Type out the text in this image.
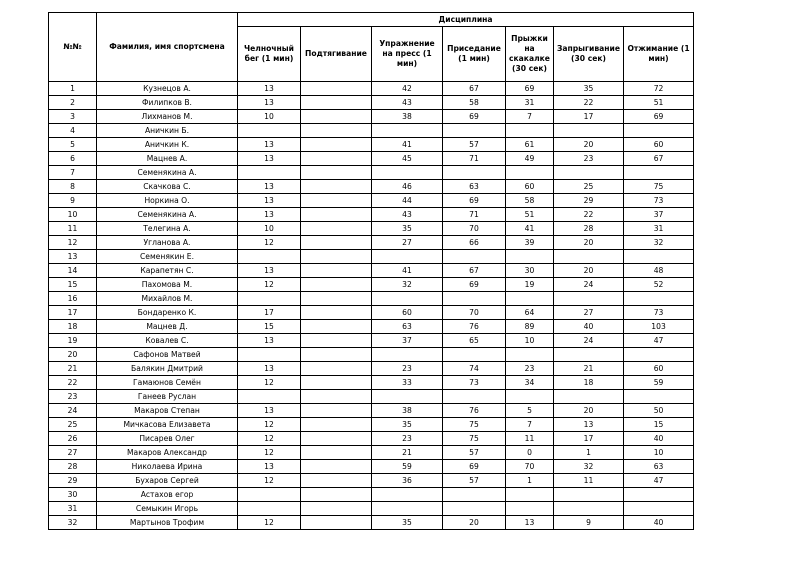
№№	Фамилия, имя спортсмена	Дисциплина						
		Челночный бег (1 мин)	Подтягивание	Упражнение на пресс (1 мин)	Приседание (1 мин)	Прыжки на скакалке (30 сек)	Запрыгивание (30 сек)	Отжимание (1 мин)
1	Кузнецов А.	13		42	67	69	35	72
2	Филипков В.	13		43	58	31	22	51
3	Лихманов М.	10		38	69	7	17	69
4	Аничкин Б.							
5	Аничкин К.	13		41	57	61	20	60
6	Мацнев А.	13		45	71	49	23	67
7	Семенякина А.							
8	Скачкова С.	13		46	63	60	25	75
9	Норкина О.	13		44	69	58	29	73
10	Семенякина А.	13		43	71	51	22	37
11	Телегина А.	10		35	70	41	28	31
12	Угланова А.	12		27	66	39	20	32
13	Семенякин Е.							
14	Карапетян С.	13		41	67	30	20	48
15	Пахомова М.	12		32	69	19	24	52
16	Михайлов М.							
17	Бондаренко К.	17		60	70	64	27	73
18	Мацнев Д.	15		63	76	89	40	103
19	Ковалев С.	13		37	65	10	24	47
20	Сафонов Матвей							
21	Балякин Дмитрий	13		23	74	23	21	60
22	Гамаюнов Семён	12		33	73	34	18	59
23	Ганеев Руслан							
24	Макаров Степан	13		38	76	5	20	50
25	Мичкасова Елизавета	12		35	75	7	13	15
26	Писарев Олег	12		23	75	11	17	40
27	Макаров Александр	12		21	57	0	1	10
28	Николаева Ирина	13		59	69	70	32	63
29	Бухаров Сергей	12		36	57	1	11	47
30	Астахов егор							
31	Семыкин Игорь							
32	Мартынов Трофим	12		35	20	13	9	40
